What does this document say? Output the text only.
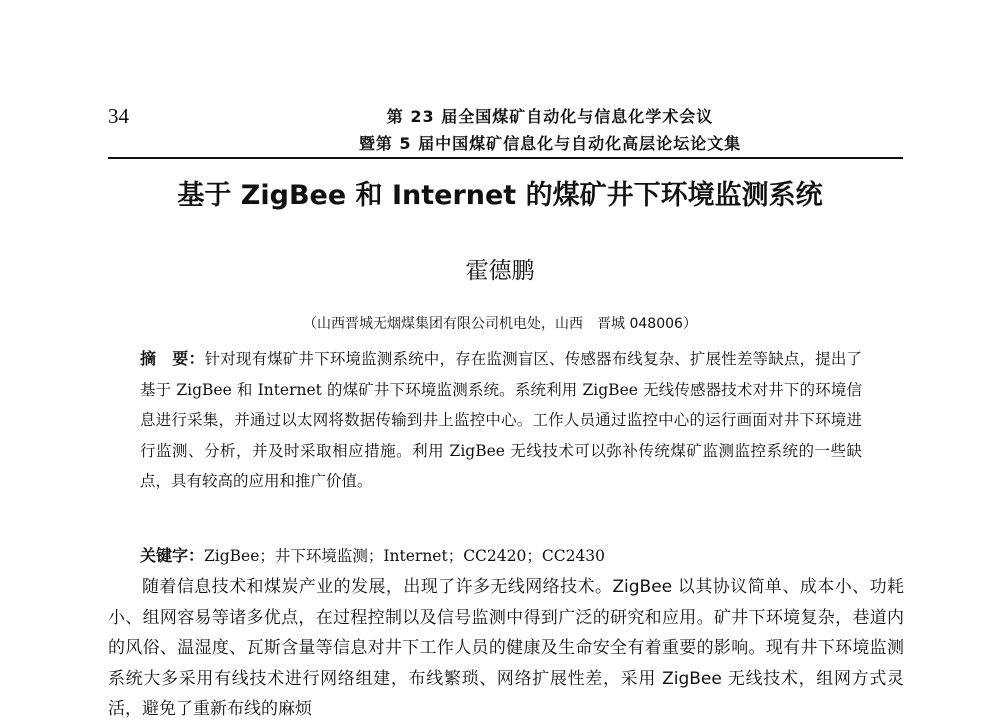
34	第 23 届全国煤矿自动化与信息化学术会议
暨第 5 届中国煤矿信息化与自动化高层论坛论文集
基于 ZigBee 和 Internet 的煤矿井下环境监测系统
霍德鹏
（山西晋城无烟煤集团有限公司机电处，山西　晋城 048006）
摘　要：针对现有煤矿井下环境监测系统中，存在监测盲区、传感器布线复杂、扩展性差等缺点，提出了基于 ZigBee 和 Internet 的煤矿井下环境监测系统。系统利用 ZigBee 无线传感器技术对井下的环境信息进行采集，并通过以太网将数据传输到井上监控中心。工作人员通过监控中心的运行画面对井下环境进行监测、分析，并及时采取相应措施。利用 ZigBee 无线技术可以弥补传统煤矿监测监控系统的一些缺点，具有较高的应用和推广价值。
关键字：ZigBee；井下环境监测；Internet；CC2420；CC2430
随着信息技术和煤炭产业的发展，出现了许多无线网络技术。ZigBee 以其协议简单、成本小、功耗小、组网容易等诸多优点，在过程控制以及信号监测中得到广泛的研究和应用。矿井下环境复杂，巷道内的风俗、温湿度、瓦斯含量等信息对井下工作人员的健康及生命安全有着重要的影响。现有井下环境监测系统大多采用有线技术进行网络组建，布线繁琐、网络扩展性差，采用 ZigBee 无线技术，组网方式灵活，避免了重新布线的麻烦
